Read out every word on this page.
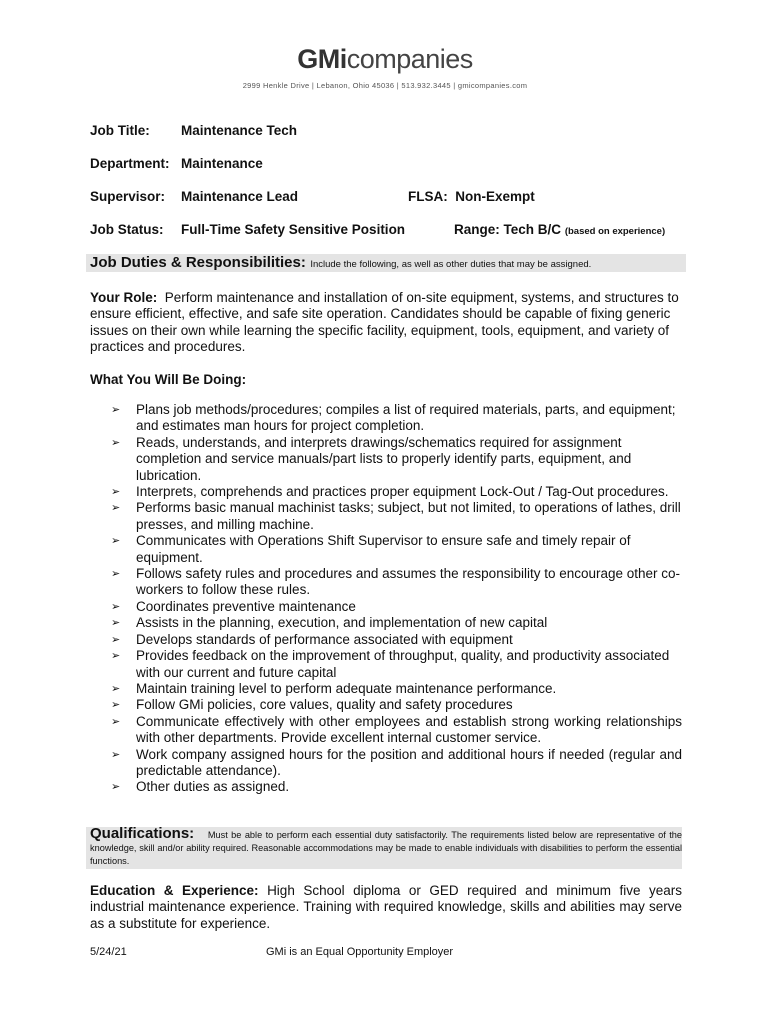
GMicompanies
2999 Henkle Drive | Lebanon, Ohio 45036 | 513.932.3445 | gmicompanies.com
Job Title: Maintenance Tech
Department: Maintenance
Supervisor: Maintenance Lead	FLSA: Non-Exempt
Job Status: Full-Time Safety Sensitive Position	Range: Tech B/C (based on experience)
Job Duties & Responsibilities: Include the following, as well as other duties that may be assigned.
Your Role: Perform maintenance and installation of on-site equipment, systems, and structures to ensure efficient, effective, and safe site operation. Candidates should be capable of fixing generic issues on their own while learning the specific facility, equipment, tools, equipment, and variety of practices and procedures.
What You Will Be Doing:
➢ Plans job methods/procedures; compiles a list of required materials, parts, and equipment; and estimates man hours for project completion.
➢ Reads, understands, and interprets drawings/schematics required for assignment completion and service manuals/part lists to properly identify parts, equipment, and lubrication.
➢ Interprets, comprehends and practices proper equipment Lock-Out / Tag-Out procedures.
➢ Performs basic manual machinist tasks; subject, but not limited, to operations of lathes, drill presses, and milling machine.
➢ Communicates with Operations Shift Supervisor to ensure safe and timely repair of equipment.
➢ Follows safety rules and procedures and assumes the responsibility to encourage other co-workers to follow these rules.
➢ Coordinates preventive maintenance
➢ Assists in the planning, execution, and implementation of new capital
➢ Develops standards of performance associated with equipment
➢ Provides feedback on the improvement of throughput, quality, and productivity associated with our current and future capital
➢ Maintain training level to perform adequate maintenance performance.
➢ Follow GMi policies, core values, quality and safety procedures
➢ Communicate effectively with other employees and establish strong working relationships with other departments. Provide excellent internal customer service.
➢ Work company assigned hours for the position and additional hours if needed (regular and predictable attendance).
➢ Other duties as assigned.
Qualifications: Must be able to perform each essential duty satisfactorily. The requirements listed below are representative of the knowledge, skill and/or ability required. Reasonable accommodations may be made to enable individuals with disabilities to perform the essential functions.
Education & Experience: High School diploma or GED required and minimum five years industrial maintenance experience. Training with required knowledge, skills and abilities may serve as a substitute for experience.
5/24/21	GMi is an Equal Opportunity Employer
